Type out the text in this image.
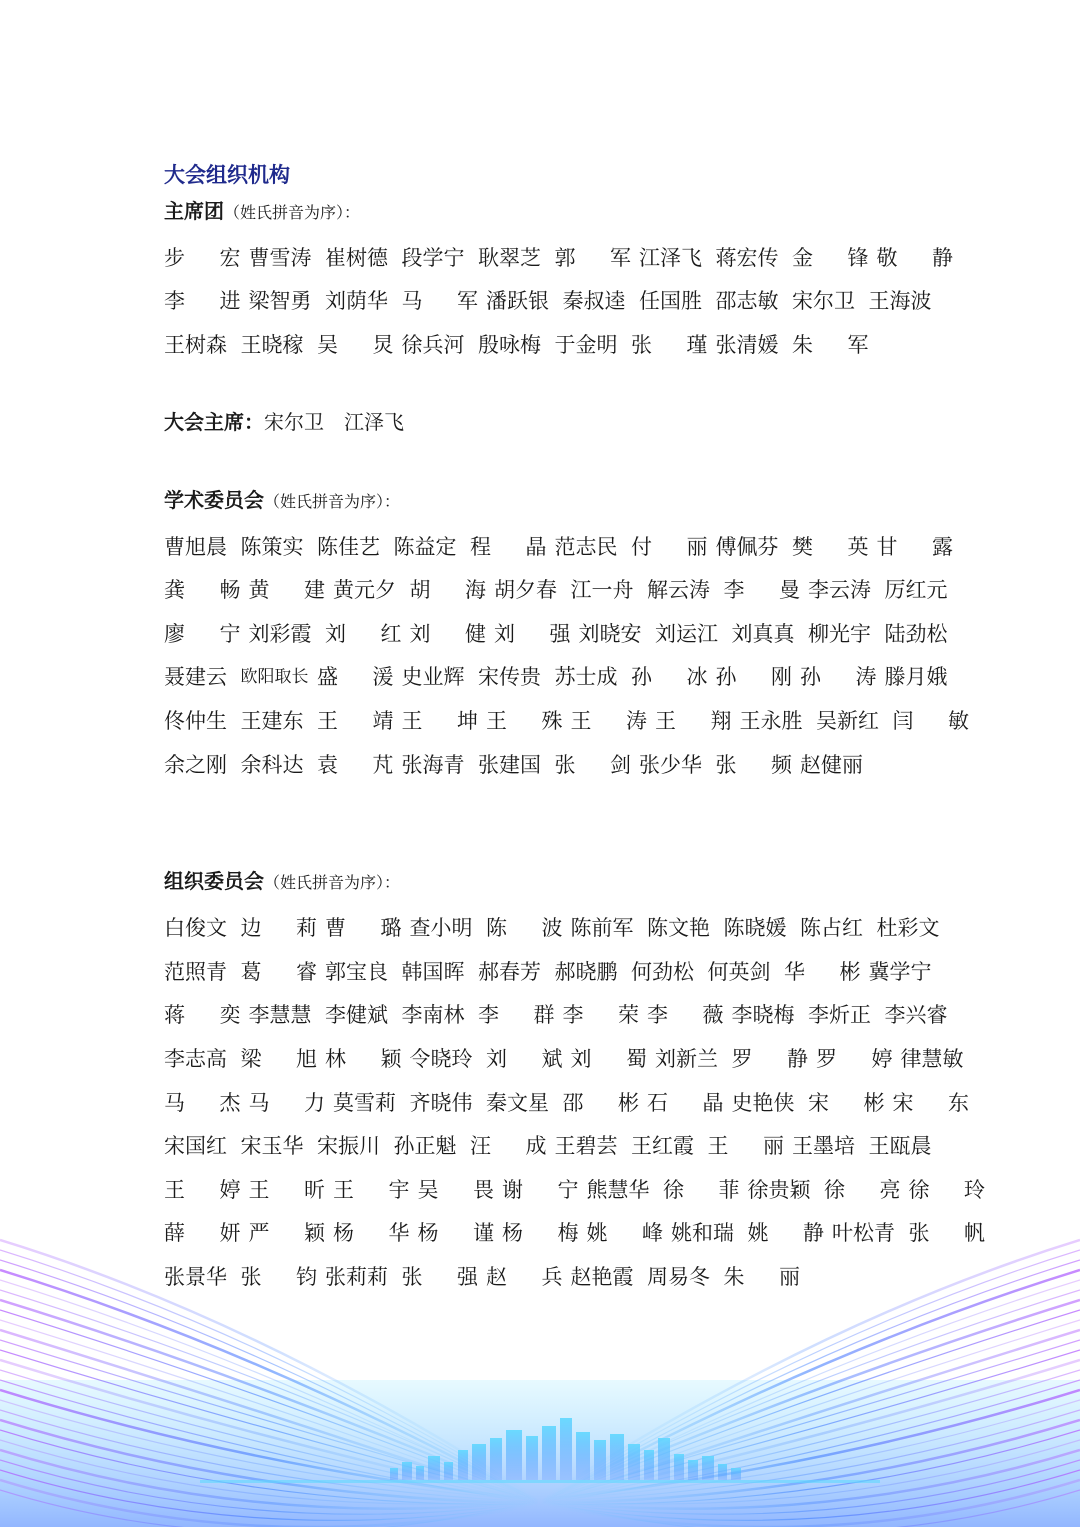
大会组织机构
主席团（姓氏拼音为序）：
步 宏 曹雪涛 崔树德 段学宁 耿翠芝 郭 军 江泽飞 蒋宏传 金 锋 敬 静
李 进 梁智勇 刘荫华 马 军 潘跃银 秦叔逵 任国胜 邵志敏 宋尔卫 王海波
王树森 王晓稼 吴 炅 徐兵河 殷咏梅 于金明 张 瑾 张清媛 朱 军
大会主席：宋尔卫　江泽飞
学术委员会（姓氏拼音为序）：
曹旭晨 陈策实 陈佳艺 陈益定 程 晶 范志民 付 丽 傅佩芬 樊 英 甘 露
龚 畅 黄 建 黄元夕 胡 海 胡夕春 江一舟 解云涛 李 曼 李云涛 厉红元
廖 宁 刘彩霞 刘 红 刘 健 刘 强 刘晓安 刘运江 刘真真 柳光宇 陆劲松
聂建云 欧阳取长 盛 湲 史业辉 宋传贵 苏士成 孙 冰 孙 刚 孙 涛 滕月娥
佟仲生 王建东 王 靖 王 坤 王 殊 王 涛 王 翔 王永胜 吴新红 闫 敏
余之刚 余科达 袁 芃 张海青 张建国 张 剑 张少华 张 频 赵健丽
组织委员会（姓氏拼音为序）：
白俊文 边 莉 曹 璐 查小明 陈 波 陈前军 陈文艳 陈晓媛 陈占红 杜彩文
范照青 葛 睿 郭宝良 韩国晖 郝春芳 郝晓鹏 何劲松 何英剑 华 彬 冀学宁
蒋 奕 李慧慧 李健斌 李南林 李 群 李 荣 李 薇 李晓梅 李炘正 李兴睿
李志高 梁 旭 林 颖 令晓玲 刘 斌 刘 蜀 刘新兰 罗 静 罗 婷 律慧敏
马 杰 马 力 莫雪莉 齐晓伟 秦文星 邵 彬 石 晶 史艳侠 宋 彬 宋 东
宋国红 宋玉华 宋振川 孙正魁 汪 成 王碧芸 王红霞 王 丽 王墨培 王瓯晨
王 婷 王 昕 王 宇 吴 畏 谢 宁 熊慧华 徐 菲 徐贵颖 徐 亮 徐 玲
薛 妍 严 颖 杨 华 杨 谨 杨 梅 姚 峰 姚和瑞 姚 静 叶松青 张 帆
张景华 张 钧 张莉莉 张 强 赵 兵 赵艳霞 周易冬 朱 丽
